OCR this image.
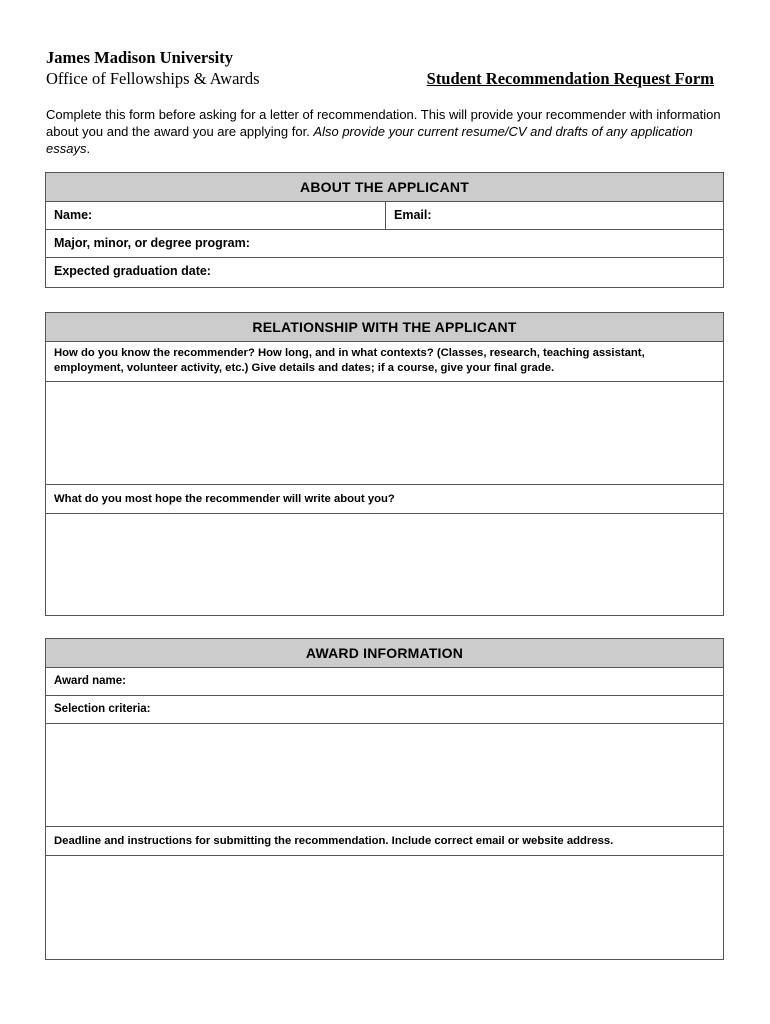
James Madison University
Office of Fellowships & Awards	Student Recommendation Request Form
Complete this form before asking for a letter of recommendation. This will provide your recommender with information about you and the award you are applying for. Also provide your current resume/CV and drafts of any application essays.
ABOUT THE APPLICANT
Name:	Email:
Major, minor, or degree program:
Expected graduation date:
RELATIONSHIP WITH THE APPLICANT
How do you know the recommender? How long, and in what contexts? (Classes, research, teaching assistant, employment, volunteer activity, etc.) Give details and dates; if a course, give your final grade.
What do you most hope the recommender will write about you?
AWARD INFORMATION
Award name:
Selection criteria:
Deadline and instructions for submitting the recommendation. Include correct email or website address.
